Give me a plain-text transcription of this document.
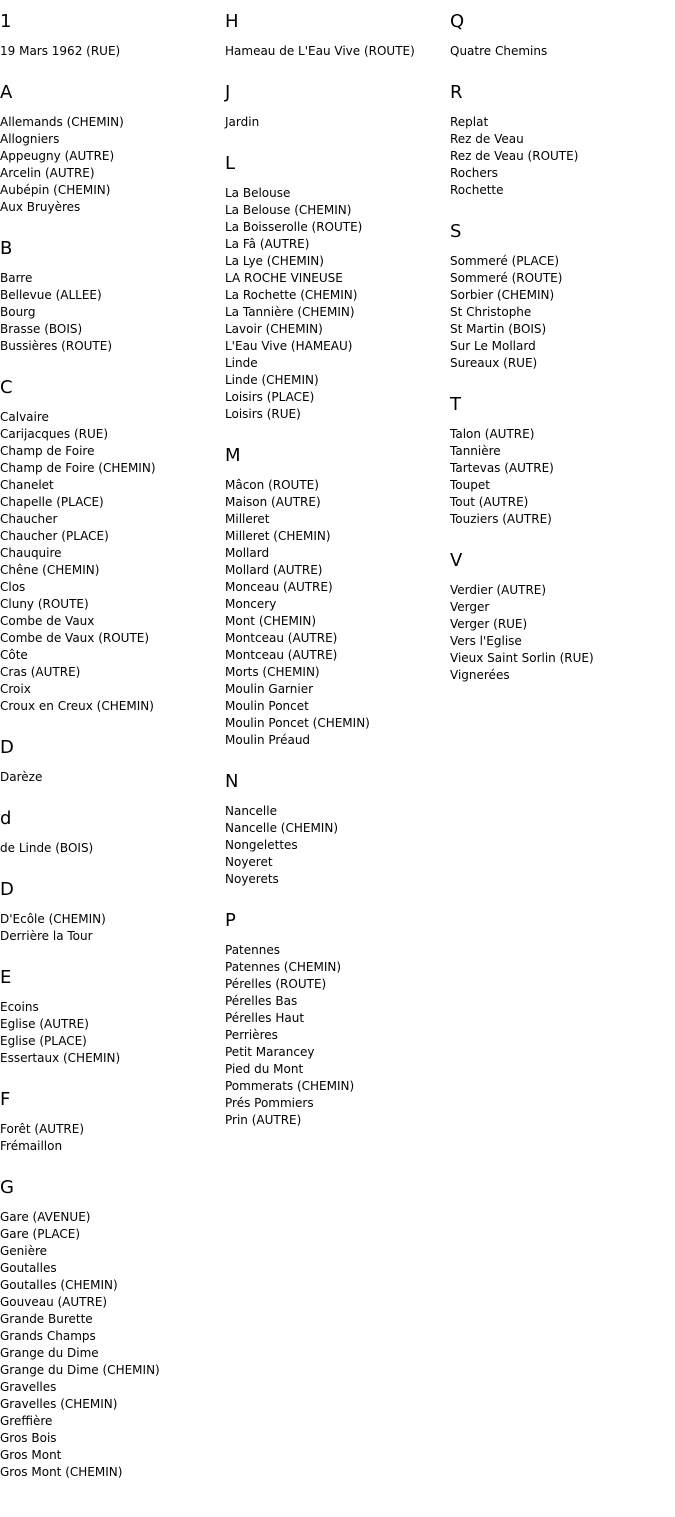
1
19 Mars 1962 (RUE)
A
Allemands (CHEMIN)
Allogniers
Appeugny (AUTRE)
Arcelin (AUTRE)
Aubépin (CHEMIN)
Aux Bruyères
B
Barre
Bellevue (ALLEE)
Bourg
Brasse (BOIS)
Bussières (ROUTE)
C
Calvaire
Carijacques (RUE)
Champ de Foire
Champ de Foire (CHEMIN)
Chanelet
Chapelle (PLACE)
Chaucher
Chaucher (PLACE)
Chauquire
Chêne (CHEMIN)
Clos
Cluny (ROUTE)
Combe de Vaux
Combe de Vaux (ROUTE)
Côte
Cras (AUTRE)
Croix
Croux en Creux (CHEMIN)
D
Darèze
d
de Linde (BOIS)
D
D'Ecôle (CHEMIN)
Derrière la Tour
E
Ecoins
Eglise (AUTRE)
Eglise (PLACE)
Essertaux (CHEMIN)
F
Forêt (AUTRE)
Frémaillon
G
Gare (AVENUE)
Gare (PLACE)
Genière
Goutalles
Goutalles (CHEMIN)
Gouveau (AUTRE)
Grande Burette
Grands Champs
Grange du Dime
Grange du Dime (CHEMIN)
Gravelles
Gravelles (CHEMIN)
Greffière
Gros Bois
Gros Mont
Gros Mont (CHEMIN)
H
Hameau de L'Eau Vive (ROUTE)
J
Jardin
L
La Belouse
La Belouse (CHEMIN)
La Boisserolle (ROUTE)
La Fâ (AUTRE)
La Lye (CHEMIN)
LA ROCHE VINEUSE
La Rochette (CHEMIN)
La Tannière (CHEMIN)
Lavoir (CHEMIN)
L'Eau Vive (HAMEAU)
Linde
Linde (CHEMIN)
Loisirs (PLACE)
Loisirs (RUE)
M
Mâcon (ROUTE)
Maison (AUTRE)
Milleret
Milleret (CHEMIN)
Mollard
Mollard (AUTRE)
Monceau (AUTRE)
Moncery
Mont (CHEMIN)
Montceau (AUTRE)
Montceau (AUTRE)
Morts (CHEMIN)
Moulin Garnier
Moulin Poncet
Moulin Poncet (CHEMIN)
Moulin Préaud
N
Nancelle
Nancelle (CHEMIN)
Nongelettes
Noyeret
Noyerets
P
Patennes
Patennes (CHEMIN)
Pérelles (ROUTE)
Pérelles Bas
Pérelles Haut
Perrières
Petit Marancey
Pied du Mont
Pommerats (CHEMIN)
Prés Pommiers
Prin (AUTRE)
Q
Quatre Chemins
R
Replat
Rez de Veau
Rez de Veau (ROUTE)
Rochers
Rochette
S
Sommeré (PLACE)
Sommeré (ROUTE)
Sorbier (CHEMIN)
St Christophe
St Martin (BOIS)
Sur Le Mollard
Sureaux (RUE)
T
Talon (AUTRE)
Tannière
Tartevas (AUTRE)
Toupet
Tout (AUTRE)
Touziers (AUTRE)
V
Verdier (AUTRE)
Verger
Verger (RUE)
Vers l'Eglise
Vieux Saint Sorlin (RUE)
Vignerées
